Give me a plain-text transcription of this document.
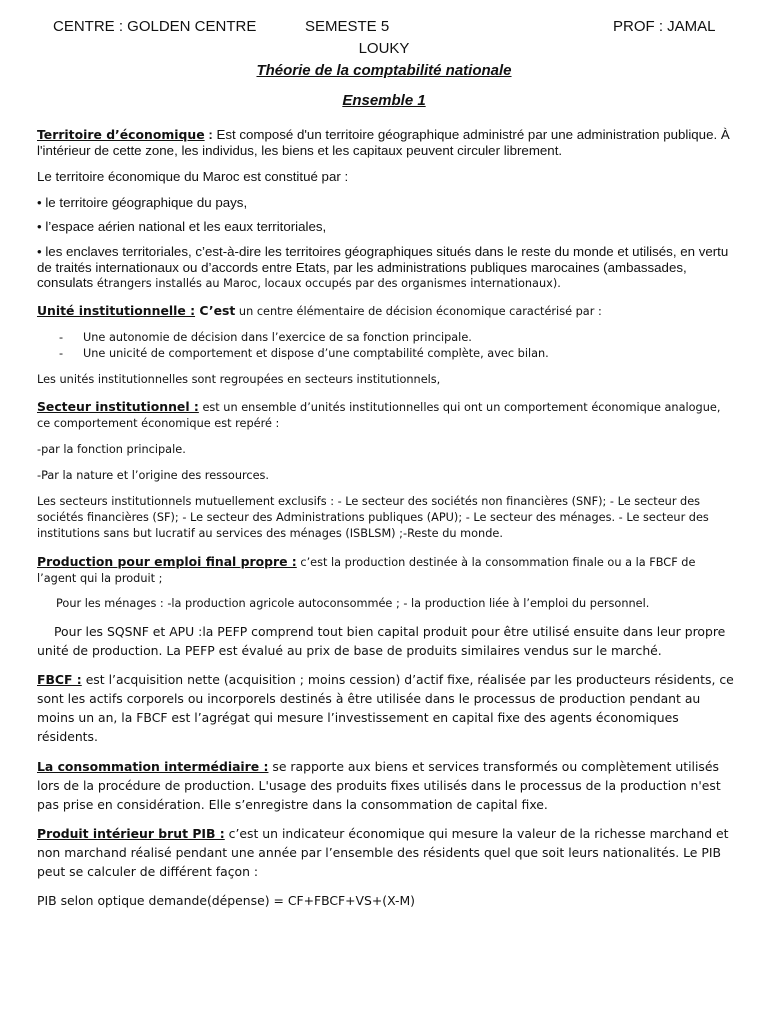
CENTRE : GOLDEN CENTRE	SEMESTE 5	PROF : JAMAL
LOUKY
Théorie de la comptabilité nationale
Ensemble 1

Territoire d’économique : Est composé d'un territoire géographique administré par une administration publique. À l'intérieur de cette zone, les individus, les biens et les capitaux peuvent circuler librement.

Le territoire économique du Maroc est constitué par :

• le territoire géographique du pays,

• l’espace aérien national et les eaux territoriales,

• les enclaves territoriales, c’est-à-dire les territoires géographiques situés dans le reste du monde et utilisés, en vertu de traités internationaux ou d’accords entre Etats, par les administrations publiques marocaines (ambassades, consulats étrangers installés au Maroc, locaux occupés par des organismes internationaux).

Unité institutionnelle : C’est un centre élémentaire de décision économique caractérisé par :

- Une autonomie de décision dans l’exercice de sa fonction principale.

- Une unicité de comportement et dispose d’une comptabilité complète, avec bilan.

Les unités institutionnelles sont regroupées en secteurs institutionnels,

Secteur institutionnel : est un ensemble d’unités institutionnelles qui ont un comportement économique analogue, ce comportement économique est repéré :

-par la fonction principale.

-Par la nature et l’origine des ressources.

Les secteurs institutionnels mutuellement exclusifs : - Le secteur des sociétés non financières (SNF); - Le secteur des sociétés financières (SF); - Le secteur des Administrations publiques (APU); - Le secteur des ménages. - Le secteur des institutions sans but lucratif au services des ménages (ISBLSM) ;-Reste du monde.

Production pour emploi final propre : c’est la production destinée à la consommation finale ou a la FBCF de l’agent qui la produit ;

Pour les ménages : -la production agricole autoconsommée ; - la production liée à l’emploi du personnel.

Pour les SQSNF et APU :la PEFP comprend tout bien capital produit pour être utilisé ensuite dans leur propre unité de production. La PEFP est évalué au prix de base de produits similaires vendus sur le marché.

FBCF : est l’acquisition nette (acquisition ; moins cession) d’actif fixe, réalisée par les producteurs résidents, ce sont les actifs corporels ou incorporels destinés à être utilisée dans le processus de production pendant au moins un an, la FBCF est l’agrégat qui mesure l’investissement en capital fixe des agents économiques résidents.

La consommation intermédiaire : se rapporte aux biens et services transformés ou complètement utilisés lors de la procédure de production. L'usage des produits fixes utilisés dans le processus de la production n'est pas prise en considération. Elle s’enregistre dans la consommation de capital fixe.

Produit intérieur brut PIB : c’est un indicateur économique qui mesure la valeur de la richesse marchand et non marchand réalisé pendant une année par l’ensemble des résidents quel que soit leurs nationalités. Le PIB peut se calculer de différent façon :

PIB selon optique demande(dépense) = CF+FBCF+VS+(X-M)
